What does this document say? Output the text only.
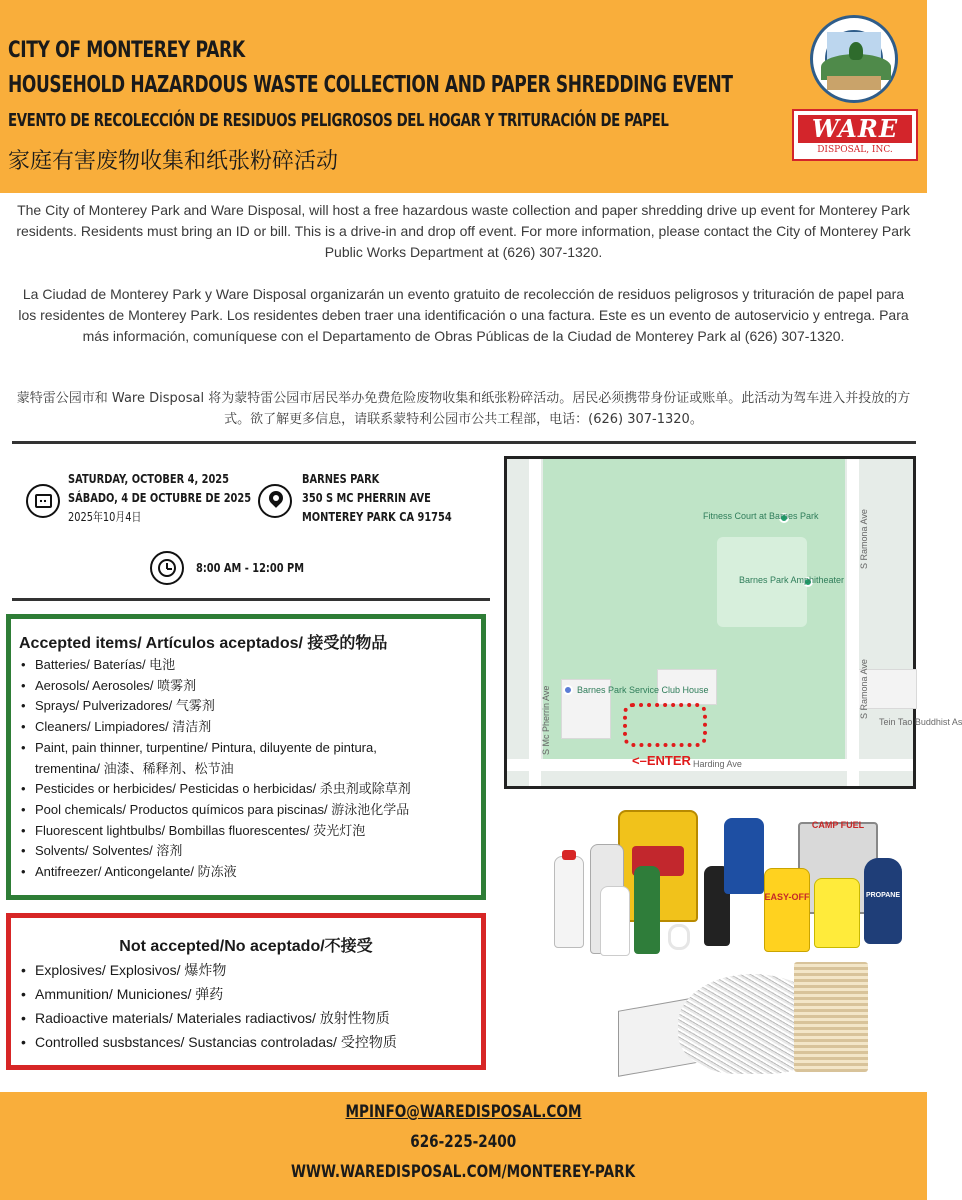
CITY OF MONTEREY PARK
HOUSEHOLD HAZARDOUS WASTE COLLECTION AND PAPER SHREDDING EVENT
EVENTO DE RECOLECCIÓN DE RESIDUOS PELIGROSOS DEL HOGAR Y TRITURACIÓN DE PAPEL
家庭有害废物收集和纸张粉碎活动
WARE
DISPOSAL, INC.
The City of Monterey Park and Ware Disposal, will host a free hazardous waste collection and paper shredding drive up event for Monterey Park residents. Residents must bring an ID or bill. This is a drive-in and drop off event. For more information, please contact the City of Monterey Park Public Works Department at (626) 307-1320.
La Ciudad de Monterey Park y Ware Disposal organizarán un evento gratuito de recolección de residuos peligrosos y trituración de papel para los residentes de Monterey Park. Los residentes deben traer una identificación o una factura. Este es un evento de autoservicio y entrega. Para más información, comuníquese con el Departamento de Obras Públicas de la Ciudad de Monterey Park al (626) 307-1320.
蒙特雷公园市和 Ware Disposal 将为蒙特雷公园市居民举办免费危险废物收集和纸张粉碎活动。居民必须携带身份证或账单。此活动为驾车进入并投放的方式。欲了解更多信息，请联系蒙特利公园市公共工程部，电话：(626) 307-1320。
SATURDAY, OCTOBER 4, 2025
SÁBADO, 4 DE OCTUBRE DE 2025
2025年10月4日
BARNES PARK
350 S MC PHERRIN AVE
MONTEREY PARK CA 91754
8:00 AM - 12:00 PM
Fitness Court at Barnes Park
Barnes Park Amphitheater
Barnes Park Service Club House
Tein Tao Buddhist As
S Mc Pherrin Ave
S Ramona Ave
S Ramona Ave
Harding Ave
<–ENTER
Accepted items/ Artículos aceptados/ 接受的物品
• Batteries/ Baterías/ 电池
• Aerosols/ Aerosoles/ 喷雾剂
• Sprays/ Pulverizadores/ 气雾剂
• Cleaners/ Limpiadores/ 清洁剂
• Paint, pain thinner, turpentine/ Pintura, diluyente de pintura,
trementina/ 油漆、稀释剂、松节油
• Pesticides or herbicides/ Pesticidas o herbicidas/ 杀虫剂或除草剂
• Pool chemicals/ Productos químicos para piscinas/ 游泳池化学品
• Fluorescent lightbulbs/ Bombillas fluorescentes/ 荧光灯泡
• Solvents/ Solventes/ 溶剂
• Antifreezer/ Anticongelante/ 防冻液
Not accepted/No aceptado/不接受
• Explosives/ Explosivos/ 爆炸物
• Ammunition/ Municiones/ 弹药
• Radioactive materials/ Materiales radiactivos/ 放射性物质
• Controlled susbstances/ Sustancias controladas/ 受控物质
CAMP FUEL
EASY-OFF	PROPANE
MPINFO@WAREDISPOSAL.COM
626-225-2400
WWW.WAREDISPOSAL.COM/MONTEREY-PARK
